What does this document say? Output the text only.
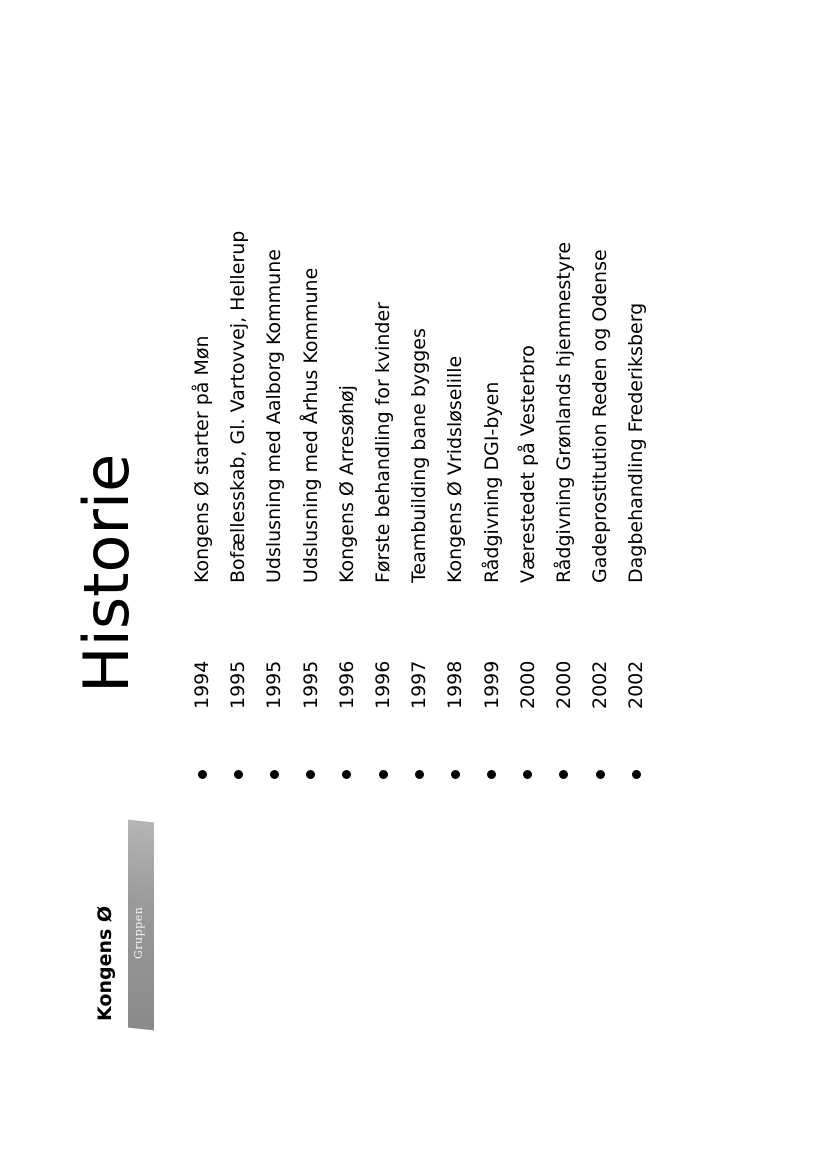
Kongens Ø Gruppen
Historie	1994
Kongens Ø starter på Møn
1995
Bofællesskab, Gl. Vartovvej, Hellerup
1995
Udslusning med Aalborg Kommune
1995
Udslusning med Århus Kommune
1996
Kongens Ø Arresøhøj
1996
Første behandling for kvinder
1997
Teambuilding bane bygges
1998
Kongens Ø Vridsløselille
1999
Rådgivning DGI-byen
2000
Værestedet på Vesterbro
2000
Rådgivning Grønlands hjemmestyre
2002
Gadeprostitution Reden og Odense
2002
Dagbehandling Frederiksberg
